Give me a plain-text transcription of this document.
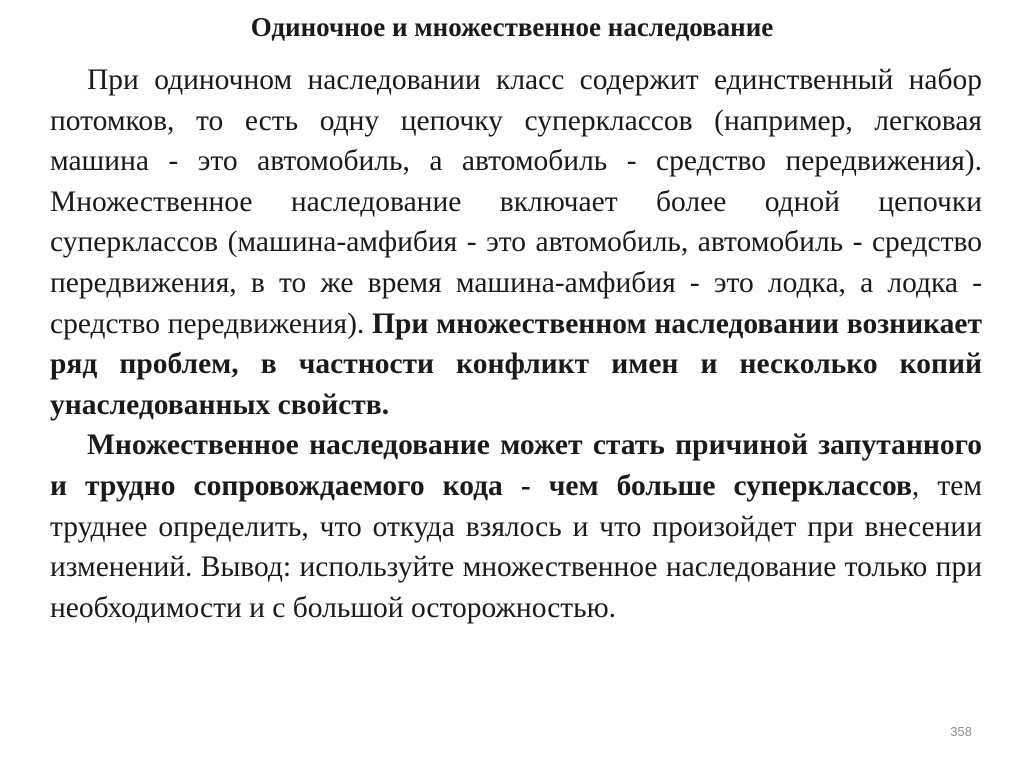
Одиночное и множественное наследование

При одиночном наследовании класс содержит единственный набор потомков, то есть одну цепочку суперклассов (например, легковая машина - это автомобиль, а автомобиль - средство передвижения). Множественное наследование включает более одной цепочки суперклассов (машина-амфибия - это автомобиль, автомобиль - средство передвижения, в то же время машина-амфибия - это лодка, а лодка - средство передвижения). При множественном наследовании возникает ряд проблем, в частности конфликт имен и несколько копий унаследованных свойств.

Множественное наследование может стать причиной запутанного и трудно сопровождаемого кода - чем больше суперклассов, тем труднее определить, что откуда взялось и что произойдет при внесении изменений. Вывод: используйте множественное наследование только при необходимости и с большой осторожностью.

358
